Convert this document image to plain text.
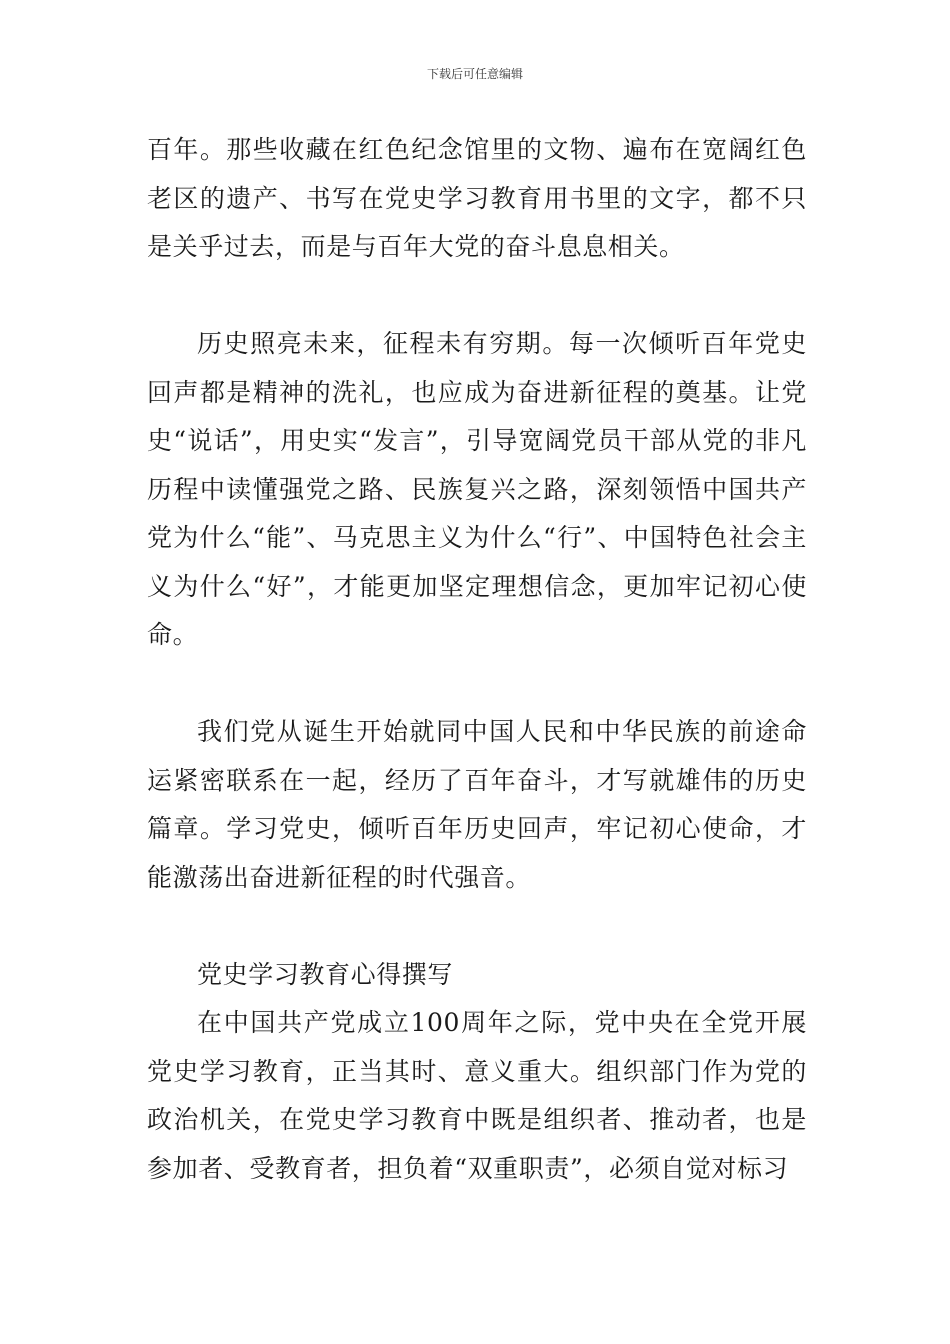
下载后可任意编辑

百年。那些收藏在红色纪念馆里的文物、遍布在宽阔红色老区的遗产、书写在党史学习教育用书里的文字，都不只是关乎过去，而是与百年大党的奋斗息息相关。

历史照亮未来，征程未有穷期。每一次倾听百年党史回声都是精神的洗礼，也应成为奋进新征程的奠基。让党史“说话”，用史实“发言”，引导宽阔党员干部从党的非凡历程中读懂强党之路、民族复兴之路，深刻领悟中国共产党为什么“能”、马克思主义为什么“行”、中国特色社会主义为什么“好”，才能更加坚定理想信念，更加牢记初心使命。

我们党从诞生开始就同中国人民和中华民族的前途命运紧密联系在一起，经历了百年奋斗，才写就雄伟的历史篇章。学习党史，倾听百年历史回声，牢记初心使命，才能激荡出奋进新征程的时代强音。

党史学习教育心得撰写

在中国共产党成立100周年之际，党中央在全党开展党史学习教育，正当其时、意义重大。组织部门作为党的政治机关，在党史学习教育中既是组织者、推动者，也是参加者、受教育者，担负着“双重职责”，必须自觉对标习
